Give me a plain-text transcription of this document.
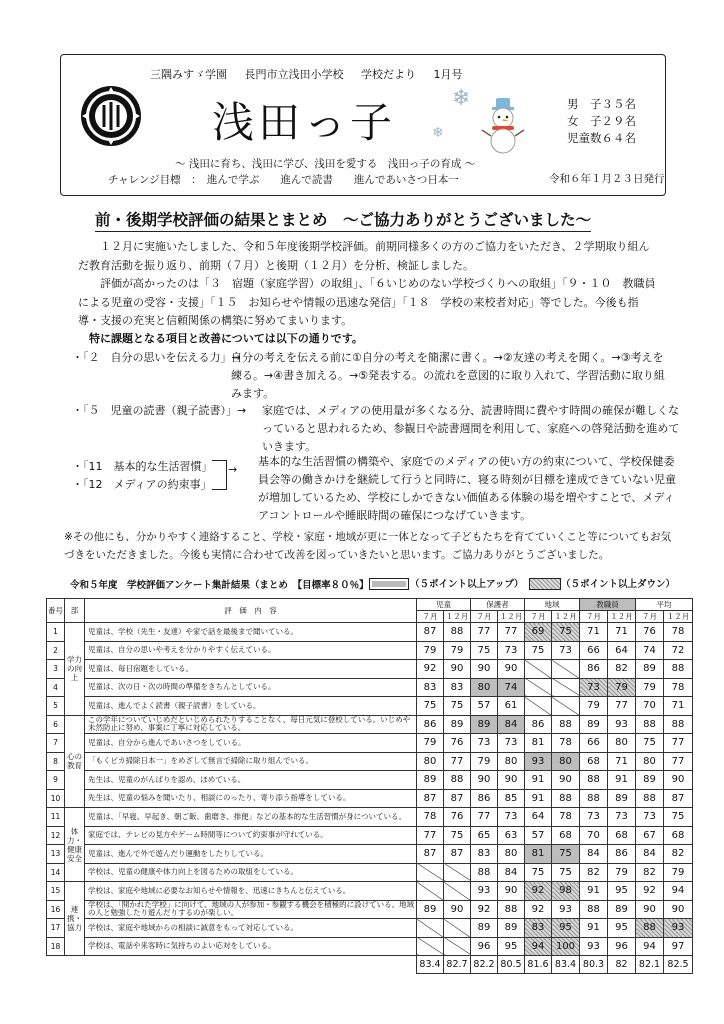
三隅みすゞ学園 長門市立浅田小学校 学校だより 1月号
浅田っ子	❄
❄
男　子３５名
女　子２９名
児童数６４名
～ 浅田に育ち、浅田に学び、浅田を愛する　浅田っ子の育成 ～
チャレンジ目標　：　進んで学ぶ　　進んで読書　　進んであいさつ日本一	令和６年１月２３日発行
前・後期学校評価の結果とまとめ　～ご協力ありがとうございました～
１２月に実施いたしました、令和５年度後期学校評価。前期同様多くの方のご協力をいただき、２学期取り組んだ教育活動を振り返り、前期（７月）と後期（１２月）を分析、検証しました。
評価が高かったのは「３　宿題（家庭学習）の取組」、「６いじめのない学校づくりへの取組」「９・１０　教職員による児童の受容・支援」「１５　お知らせや情報の迅速な発信」「１８　学校の来校者対応」等でした。今後も指導・支援の充実と信頼関係の構築に努めてまいります。
特に課題となる項目と改善については以下の通りです。
・「２　自分の思いを伝える力」→
自分の考えを伝える前に①自分の考えを簡潔に書く。→②友達の考えを聞く。→③考えを練る。→④書き加える。→⑤発表する。の流れを意図的に取り入れて、学習活動に取り組みます。
・「５　児童の読書（親子読書）」→ 家庭では、メディアの使用量が多くなる分、読書時間に費やす時間の確保が難しくなっていると思われるため、参観日や読書週間を利用して、家庭への啓発活動を進めていきます。
・「11　基本的な生活習慣」
・「12　メディアの約束事」
→
基本的な生活習慣の構築や、家庭でのメディアの使い方の約束について、学校保健委員会等の働きかけを継続して行うと同時に、寝る時刻が目標を達成できていない児童が増加しているため、学校にしかできない価値ある体験の場を増やすことで、メディアコントロールや睡眠時間の確保につなげていきます。
※その他にも、分かりやすく連絡すること、学校・家庭・地域が更に一体となって子どもたちを育てていくこと等についてもお気づきをいただきました。今後も実情に合わせて改善を図っていきたいと思います。ご協力ありがとうございました。
令和５年度　学校評価アンケート集計結果（まとめ　【目標率８０％】	（５ポイント以上アップ）	（５ポイント以上ダウン）
番号	部	評　価　内　容	児童		保護者		地域		教職員		平均	
			７月	１２月	７月	１２月	７月	１２月	７月	１２月	７月	１２月
1	学力の向上	児童は、学校（先生・友達）や家で話を最後まで聞いている。	87	88	77	77	69	75	71	71	76	78
2		児童は、自分の思いや考えを分かりやすく伝えている。	79	79	75	73	75	73	66	64	74	72
3		児童は、毎日宿題をしている。	92	90	90	90			86	82	89	88
4		児童は、次の日・次の時間の準備をきちんとしている。	83	83	80	74			73	79	79	78
5		児童は、進んでよく読書（親子読書）をしている。	75	75	57	61			79	77	70	71
6	心の教育	この学年についていじめだといじめられたりすることなく、毎日元気に登校している。いじめや未然防止に努め、事案に丁寧に対応している。	86	89	89	84	86	88	89	93	88	88
7		児童は、自分から進んであいさつをしている。	79	76	73	73	81	78	66	80	75	77
8		「もくピカ掃除日本一」をめざして無言で掃除に取り組んでいる。	80	77	79	80	93	80	68	71	80	77
9		先生は、児童のがんばりを認め、ほめている。	89	88	90	90	91	90	88	91	89	90
10		先生は、児童の悩みを聞いたり、相談にのったり、寄り添う指導をしている。	87	87	86	85	91	88	88	89	88	87
11	体力・健康安全	児童は、「早寝、早起き、朝ご飯、歯磨き、排便」などの基本的な生活習慣が身についている。	78	76	77	73	64	78	73	73	73	75
12		家庭では、テレビの見方やゲーム時間等について約束事が守れている。	77	75	65	63	57	68	70	68	67	68
13		児童は、進んで外で遊んだり運動をしたりしている。	87	87	83	80	81	75	84	86	84	82
14		学校は、児童の健康や体力向上を図るための取組をしている。			88	84	75	75	82	79	82	79
15	連携・協力	学校は、家庭や地域に必要なお知らせや情報を、迅速にきちんと伝えている。			93	90	92	98	91	95	92	94
16		学校は、「開かれた学校」に向けて、地域の人が参加・参観する機会を積極的に設けている。地域の人と勉強したり遊んだりするのが楽しい。	89	90	92	88	92	93	88	89	90	90
17		学校は、家庭や地域からの相談に誠意をもって対応している。			89	89	83	95	91	95	88	93
18		学校は、電話や来客時に気持ちのよい応対をしている。			96	95	94	100	93	96	94	97
			83.4	82.7	82.2	80.5	81.6	83.4	80.3	82	82.1	82.5
